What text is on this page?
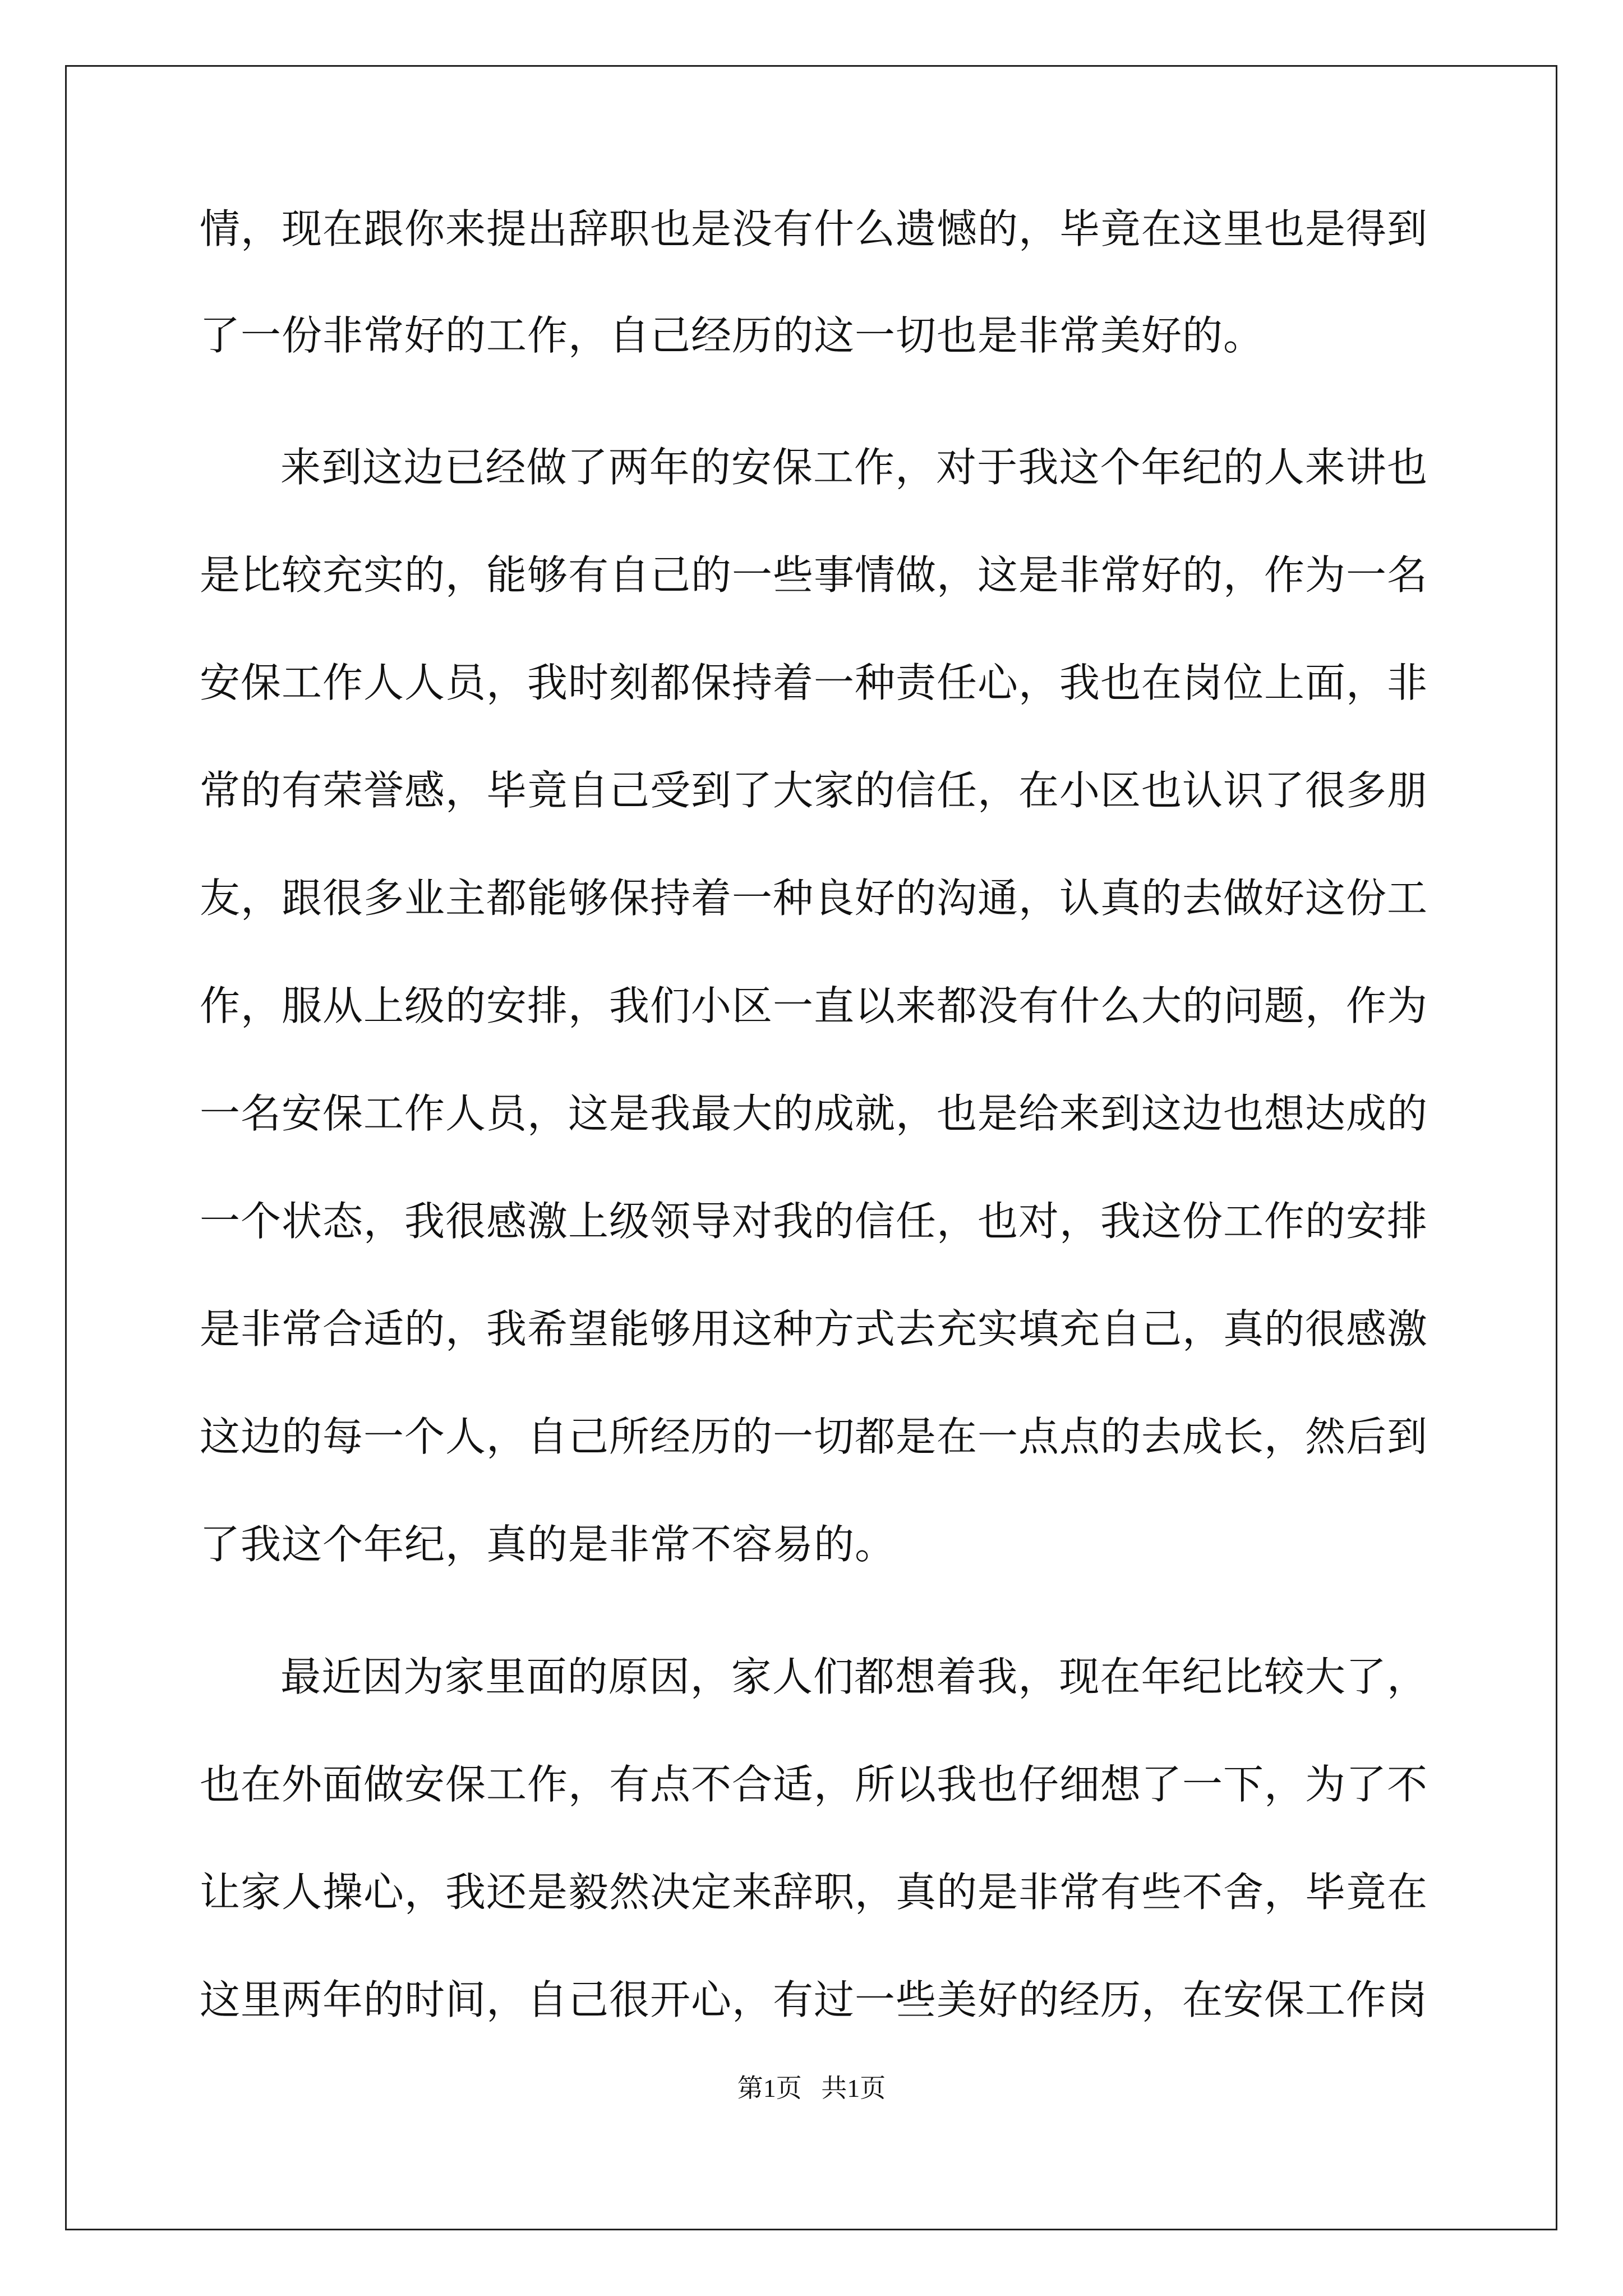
情，现在跟你来提出辞职也是没有什么遗憾的，毕竟在这里也是得到

了一份非常好的工作，自己经历的这一切也是非常美好的。

来到这边已经做了两年的安保工作，对于我这个年纪的人来讲也

是比较充实的，能够有自己的一些事情做，这是非常好的，作为一名

安保工作人人员，我时刻都保持着一种责任心，我也在岗位上面，非

常的有荣誉感，毕竟自己受到了大家的信任，在小区也认识了很多朋

友，跟很多业主都能够保持着一种良好的沟通，认真的去做好这份工

作，服从上级的安排，我们小区一直以来都没有什么大的问题，作为

一名安保工作人员，这是我最大的成就，也是给来到这边也想达成的

一个状态，我很感激上级领导对我的信任，也对，我这份工作的安排

是非常合适的，我希望能够用这种方式去充实填充自己，真的很感激

这边的每一个人，自己所经历的一切都是在一点点的去成长，然后到

了我这个年纪，真的是非常不容易的。

最近因为家里面的原因，家人们都想着我，现在年纪比较大了，

也在外面做安保工作，有点不合适，所以我也仔细想了一下，为了不

让家人操心，我还是毅然决定来辞职，真的是非常有些不舍，毕竟在

这里两年的时间，自己很开心，有过一些美好的经历，在安保工作岗

第1页   共1页
